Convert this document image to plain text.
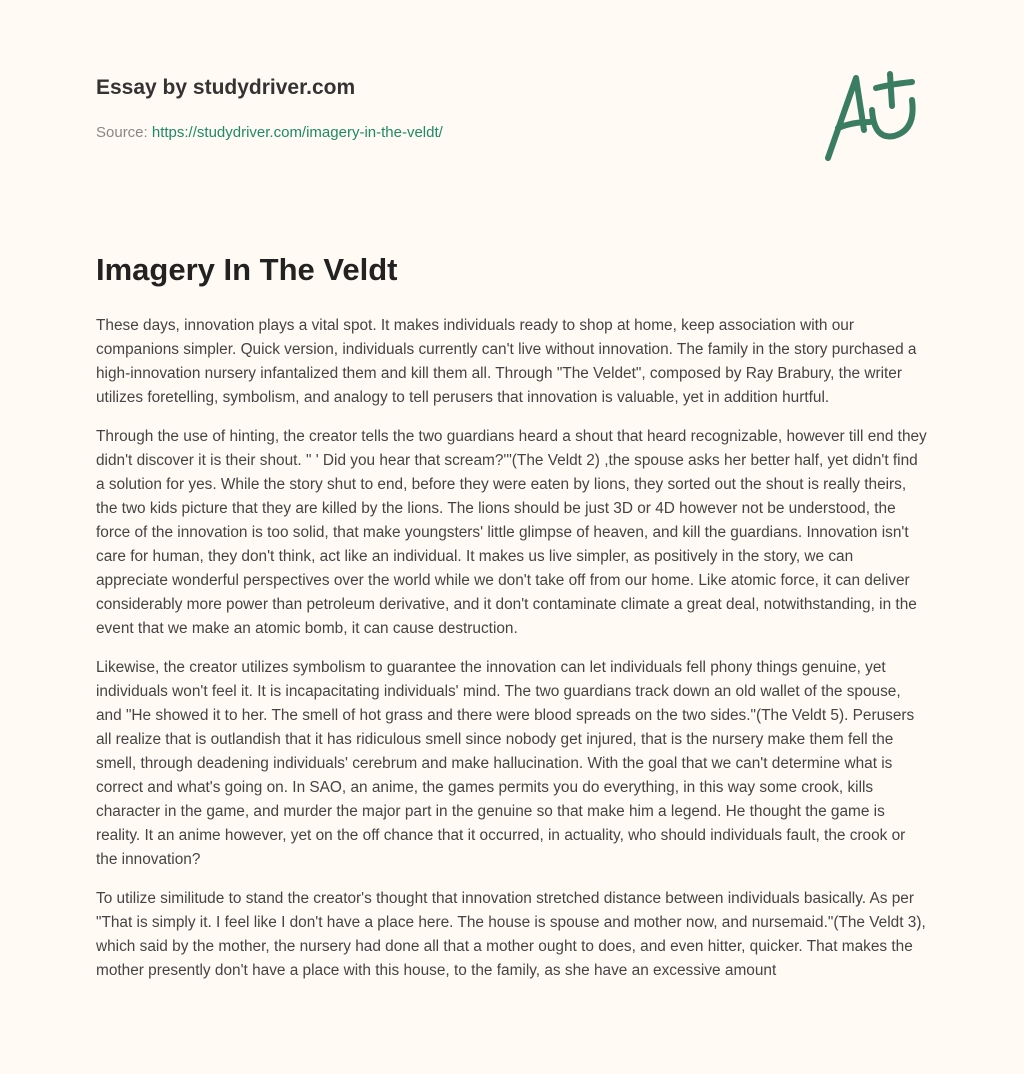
Essay by studydriver.com
Source: https://studydriver.com/imagery-in-the-veldt/
Imagery In The Veldt

These days, innovation plays a vital spot. It makes individuals ready to shop at home, keep association with our companions simpler. Quick version, individuals currently can't live without innovation. The family in the story purchased a high-innovation nursery infantalized them and kill them all. Through "The Veldet", composed by Ray Brabury, the writer utilizes foretelling, symbolism, and analogy to tell perusers that innovation is valuable, yet in addition hurtful.

Through the use of hinting, the creator tells the two guardians heard a shout that heard recognizable, however till end they didn't discover it is their shout. " ' Did you hear that scream?'"(The Veldt 2) ,the spouse asks her better half, yet didn't find a solution for yes. While the story shut to end, before they were eaten by lions, they sorted out the shout is really theirs, the two kids picture that they are killed by the lions. The lions should be just 3D or 4D however not be understood, the force of the innovation is too solid, that make youngsters' little glimpse of heaven, and kill the guardians. Innovation isn't care for human, they don't think, act like an individual. It makes us live simpler, as positively in the story, we can appreciate wonderful perspectives over the world while we don't take off from our home. Like atomic force, it can deliver considerably more power than petroleum derivative, and it don't contaminate climate a great deal, notwithstanding, in the event that we make an atomic bomb, it can cause destruction.

Likewise, the creator utilizes symbolism to guarantee the innovation can let individuals fell phony things genuine, yet individuals won't feel it. It is incapacitating individuals' mind. The two guardians track down an old wallet of the spouse, and "He showed it to her. The smell of hot grass and there were blood spreads on the two sides."(The Veldt 5). Perusers all realize that is outlandish that it has ridiculous smell since nobody get injured, that is the nursery make them fell the smell, through deadening individuals' cerebrum and make hallucination. With the goal that we can't determine what is correct and what's going on. In SAO, an anime, the games permits you do everything, in this way some crook, kills character in the game, and murder the major part in the genuine so that make him a legend. He thought the game is reality. It an anime however, yet on the off chance that it occurred, in actuality, who should individuals fault, the crook or the innovation?

To utilize similitude to stand the creator's thought that innovation stretched distance between individuals basically. As per "That is simply it. I feel like I don't have a place here. The house is spouse and mother now, and nursemaid."(The Veldt 3), which said by the mother, the nursery had done all that a mother ought to does, and even hitter, quicker. That makes the mother presently don't have a place with this house, to the family, as she have an excessive amount
